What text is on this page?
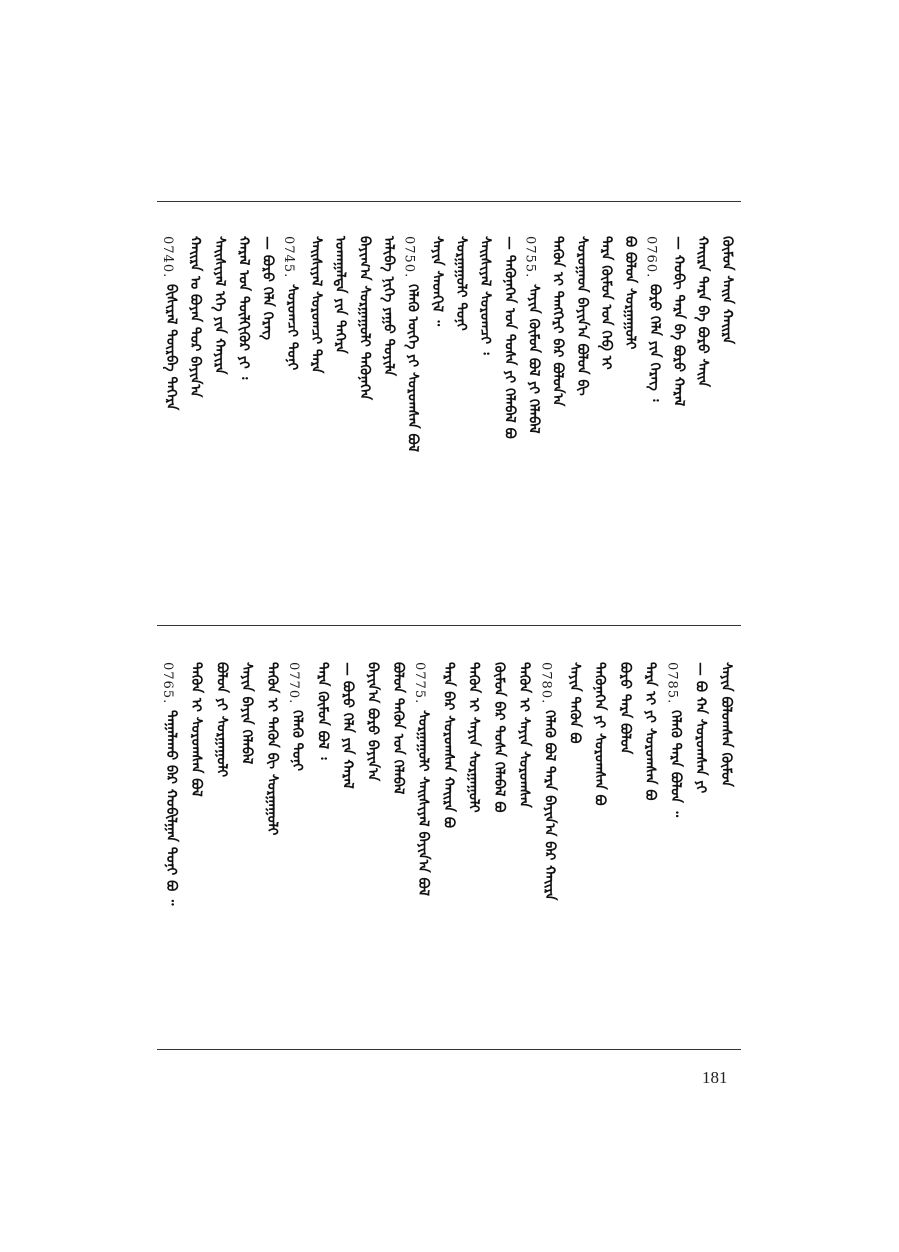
0740.
ᠪᠢᠰᠢᠷᠡᠯ ᠳᠦᠷᠪᠡ ᠳᠡᠭᠡᠷᠡ ᠬᠠᠢᠷᠠ ᠤ ᠪᠤᠶᠠᠨ ᠳᠤᠷ ᠪᠠᠶᠢᠨ᠎ᠠ ᠰᠠᠢᠰᠢᠶᠠᠯ ᠡᠬᠡ ᠶᠢᠨ ᠬᠠᠶᠢᠷᠠ ᠬᠠᠷᠠᠯ ᠤᠨ ᠲᠦᠯᠬᠢᠭᠦᠷ ᠶᠢ ᠄ — ᠪᠤᠷᠤ ᠬᠡᠯᠡ ᠬᠡᠷᠡᠭ 0745.
ᠰᠤᠷᠤᠭᠴᠢ ᠳᠤᠨᠢ ᠰᠠᠢᠰᠢᠶᠠᠯ ᠰᠤᠷᠤᠭᠴᠢ ᠲᠡᠷᠡ ᠤᠬᠠᠭᠠᠯᠲᠠ ᠶᠢᠨ ᠳᠡᠭᠡᠷᠡ ᠪᠠᠶᠢᠭ᠎ᠠ ᠰᠤᠷᠭᠠᠭᠤᠯᠢ ᠲᠡᠭᠦᠨᠡᠬᠡᠨ ᠠᠯᠢᠪᠠ ᠨᠢᠭᠡ ᠶᠠᠭᠤ ᠲᠤᠶᠢᠯᠡ 0750.
ᠬᠡᠯᠡᠬᠦ ᠦᠭᠡ ᠶᠢ ᠰᠤᠷᠤᠭᠰᠠᠨ ᠪᠤᠯ
ᠰᠠᠶᠢᠨ ᠰᠡᠳᠬᠢᠯ ᠃ ᠰᠤᠷᠭᠠᠭᠤᠯᠢ ᠳᠤᠨᠢ ᠰᠠᠢᠰᠢᠶᠠᠯ ᠰᠤᠷᠤᠭᠴᠢ ᠄ — ᠲᠡᠭᠦᠨᠡᠬᠡᠨ ᠤᠨ ᠲᠤᠰᠠ ᠶᠢ ᠬᠡᠯᠡᠪᠡᠯ ᠪᠤ 0755.
ᠰᠠᠶᠢᠨ ᠬᠦᠮᠦᠨ ᠪᠤᠯ ᠶᠢ ᠬᠡᠯᠡᠪᠡᠯ ᠲᠡᠭᠦᠨ ᠢ ᠲᠡᠩᠭᠡᠷᠢ ᠪᠡᠷ ᠪᠤᠯᠤᠨ᠎ᠠ ᠰᠤᠷᠤᠭᠠᠳ ᠪᠠᠶᠢᠨ᠎ᠠ ᠪᠤᠯᠤᠨ ᠪᠢ ᠲᠡᠷᠡ ᠬᠦᠮᠦᠨ ᠤᠨ ᠬᠡᠪ ᠢ ᠪᠤ ᠪᠤᠯᠤᠨ ᠰᠤᠷᠭᠠᠭᠤᠯᠢ 0760.
ᠪᠤᠷᠤ ᠬᠡᠯᠡ ᠶᠢᠨ ᠬᠡᠷᠡᠭ ᠄ — ᠬᠤᠪᠢ ᠲᠡᠷᠡ ᠪᠠ ᠪᠤᠷᠤ ᠬᠠᠷᠠᠯ ᠬᠠᠢᠷᠠ ᠲᠡᠷᠡ ᠪᠠ ᠪᠤᠷᠤ ᠰᠠᠢᠨ ᠬᠦᠮᠦᠨ ᠰᠠᠢᠨ ᠬᠠᠢᠷᠠ
0765.
ᠲᠠᠭᠠᠯᠠᠬᠤ ᠪᠠᠷ ᠬᠤᠪᠢᠯᠭᠠᠨ ᠲᠤᠨᠢ ᠪᠤ ᠃ ᠲᠡᠭᠦᠨ ᠢ ᠰᠤᠷᠤᠭᠰᠠᠨ ᠪᠤᠯ ᠪᠤᠯᠤᠨ ᠶᠢ ᠰᠤᠷᠭᠠᠭᠤᠯᠢ ᠰᠠᠶᠢᠨ ᠪᠠᠶᠢᠨ ᠬᠡᠯᠡᠪᠡᠯ ᠲᠡᠭᠦᠨ ᠢ ᠲᠡᠭᠦᠨ ᠪᠢ ᠰᠤᠷᠭᠠᠭᠤᠯᠢ 0770.
ᠬᠡᠯᠡᠬᠦ ᠲᠤᠨᠢ ᠲᠡᠷᠡ ᠬᠦᠮᠦᠨ ᠪᠤᠯ ᠄ — ᠪᠤᠷᠤ ᠬᠡᠯᠡ ᠶᠢᠨ ᠬᠠᠷᠠᠯ ᠪᠠᠶᠢᠨ᠎ᠠ ᠪᠤᠷᠤ ᠪᠠᠶᠢᠨ᠎ᠠ ᠪᠤᠯᠤᠨ ᠲᠡᠭᠦᠨ ᠤᠨ ᠬᠡᠯᠡᠪᠡᠯ 0775.
ᠰᠤᠷᠭᠠᠭᠤᠯᠢ ᠰᠠᠢᠰᠢᠶᠠᠯ ᠪᠠᠶᠢᠨ᠎ᠠ ᠪᠤᠯ ᠲᠡᠷᠡ ᠪᠠᠷ ᠰᠤᠷᠤᠭᠰᠠᠨ ᠬᠠᠢᠷᠠ ᠪᠤ ᠲᠡᠭᠦᠨ ᠢ ᠰᠠᠶᠢᠨ ᠰᠤᠷᠭᠠᠭᠤᠯᠢ ᠬᠦᠮᠦᠨ ᠪᠠᠷ ᠲᠤᠰᠠ ᠬᠡᠯᠡᠪᠡᠯ ᠪᠤ ᠲᠡᠭᠦᠨ ᠢ ᠰᠠᠶᠢᠨ ᠰᠤᠷᠤᠭᠰᠠᠨ 0780.
ᠬᠡᠯᠡᠬᠦ ᠪᠤᠯ ᠲᠡᠷᠡ ᠪᠠᠶᠢᠨ᠎ᠠ ᠪᠠᠷ ᠬᠠᠢᠷᠠ
ᠰᠠᠶᠢᠨ ᠲᠡᠭᠦᠨ ᠪᠤ ᠲᠡᠭᠦᠨᠡᠬᠡᠨ ᠶᠢ ᠰᠤᠷᠤᠭᠰᠠᠨ ᠪᠤ ᠪᠤᠷᠤ ᠲᠡᠷᠡ ᠪᠤᠯᠤᠨ ᠲᠡᠷᠡ ᠢ ᠶᠢ ᠰᠤᠷᠤᠭᠰᠠᠨ ᠪᠤ 0785.
ᠬᠡᠯᠡᠬᠦ ᠲᠡᠷᠡ ᠪᠤᠯᠤᠨ ᠃ — ᠪᠤ ᠬᠠ ᠰᠤᠷᠤᠭᠰᠠᠨ ᠶᠢ ᠰᠠᠶᠢᠨ ᠪᠤᠯᠤᠭᠰᠠᠨ ᠬᠦᠮᠦᠨ
181
